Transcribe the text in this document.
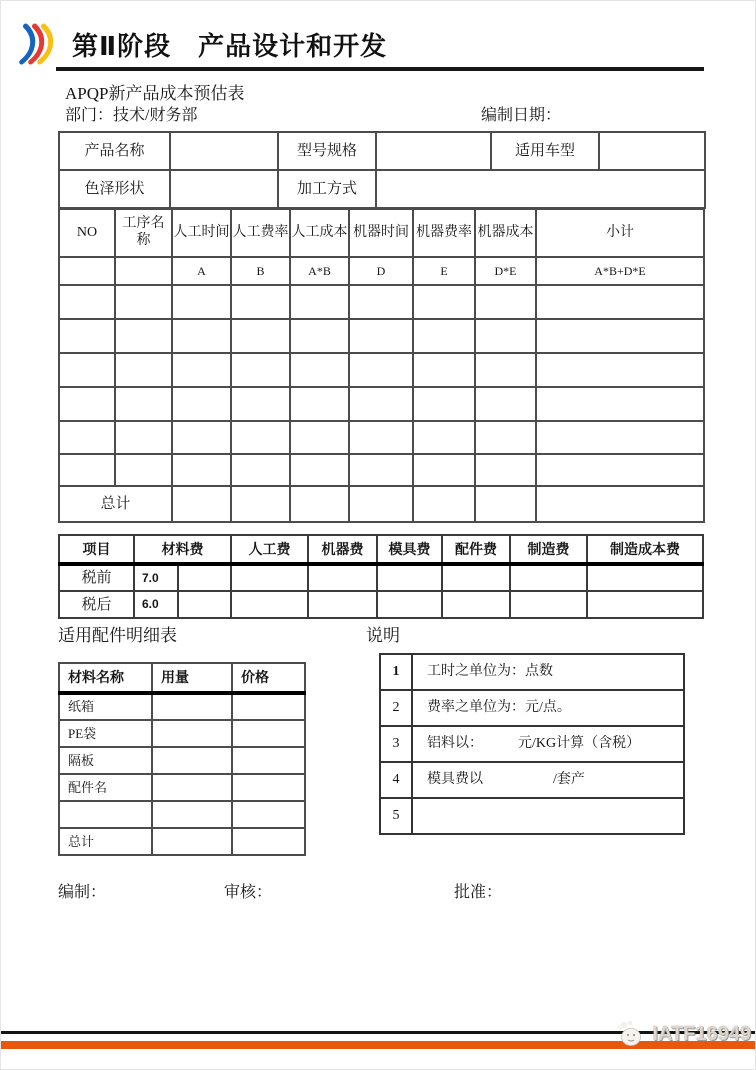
第Ⅱ阶段　产品设计和开发
APQP新产品成本预估表
部门：技术/财务部	编制日期：
产品名称		型号规格		适用车型	
色泽形状		加工方式			
NO	工序名称	人工时间	人工费率	人工成本	机器时间	机器费率	机器成本	小计
		A	B	A*B	D	E	D*E	A*B+D*E

总计								
项目	材料费		人工费	机器费	模具费	配件费	制造费	制造成本费
税前	7.0							
税后	6.0							
适用配件明细表	说明
材料名称	用量	价格
纸箱		
PE袋		
隔板		
配件名		

总计		
1	工时之单位为：点数
2	费率之单位为：元/点。
3	铝料以：　　　元/KG计算（含税）
4	模具费以　　　　　/套产
5	
编制：	审核：	批准：
IATF16949
